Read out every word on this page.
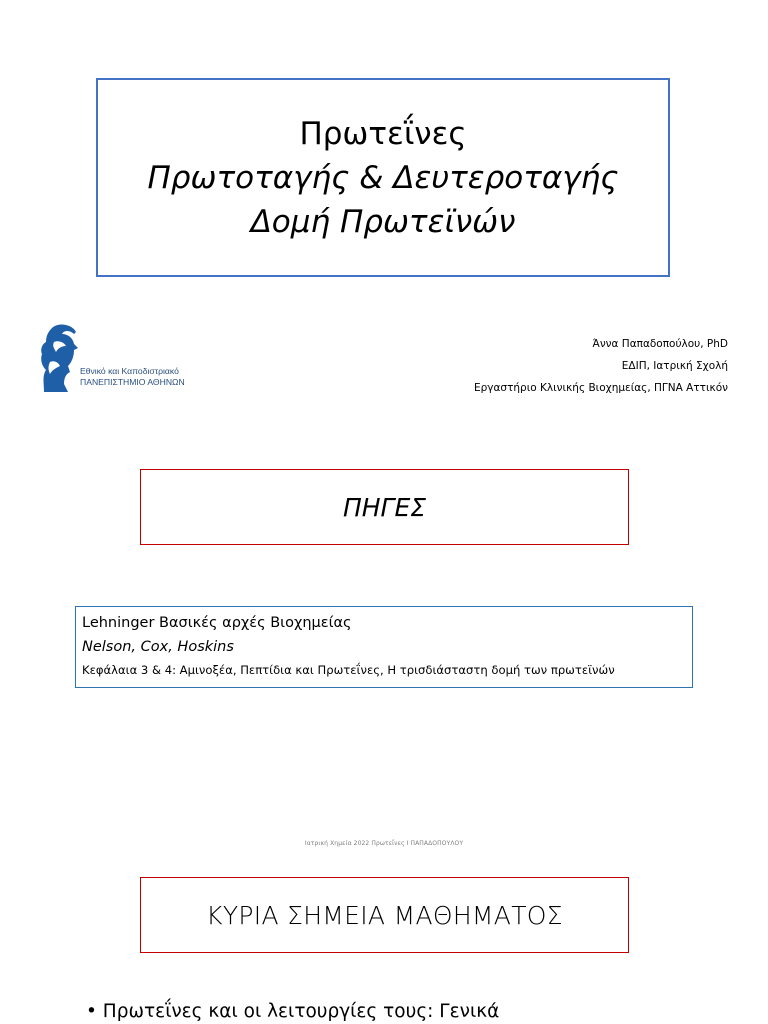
Πρωτεΐνες
Πρωτοταγής & Δευτεροταγής
Δομή Πρωτεϊνών
Εθνικό και Καποδιστριακό
ΠΑΝΕΠΙΣΤΗΜΙΟ ΑΘΗΝΩΝ
Άννα Παπαδοπούλου, PhD
ΕΔΙΠ, Ιατρική Σχολή
Εργαστήριο Κλινικής Βιοχημείας, ΠΓΝΑ Αττικόν
ΠΗΓΕΣ
Lehninger Βασικές αρχές Βιοχημείας
Nelson, Cox, Hoskins
Κεφάλαια 3 & 4: Αμινοξέα, Πεπτίδια και Πρωτεΐνες, Η τρισδιάσταστη δομή των πρωτεϊνών
Ιατρική Χημεία 2022 Πρωτεΐνες Ι ΠΑΠΑΔΟΠΟΥΛΟΥ
ΚΥΡΙΑ ΣΗΜΕΙΑ ΜΑΘΗΜΑΤΟΣ
• Πρωτεΐνες και οι λειτουργίες τους: Γενικά
